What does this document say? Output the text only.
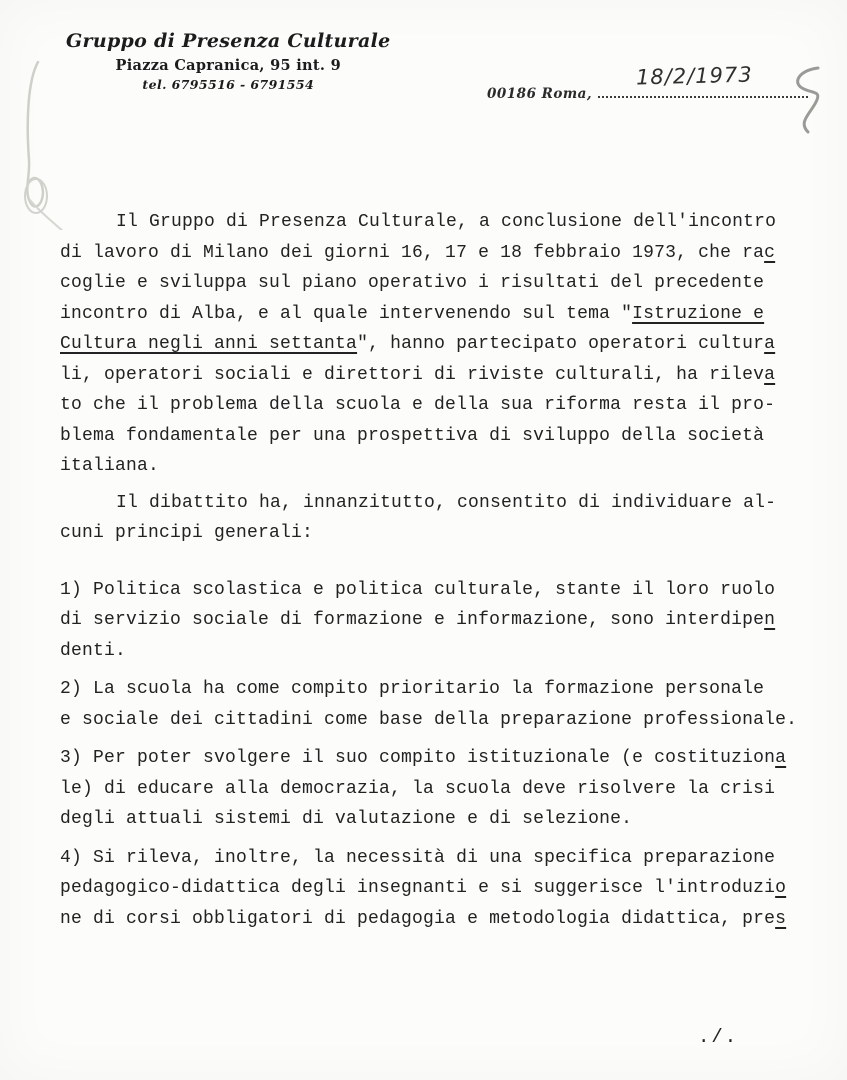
Gruppo di Presenza Culturale
Piazza Capranica, 95 int. 9
tel. 6795516 - 6791554
00186 Roma,
18/2/1973
Il Gruppo di Presenza Culturale, a conclusione dell'incontro
di lavoro di Milano dei giorni 16, 17 e 18 febbraio 1973, che rac
coglie e sviluppa sul piano operativo i risultati del precedente
incontro di Alba, e al quale intervenendo sul tema "Istruzione e
Cultura negli anni settanta", hanno partecipato operatori cultura
li, operatori sociali e direttori di riviste culturali, ha rileva
to che il problema della scuola e della sua riforma resta il pro-
blema fondamentale per una prospettiva di sviluppo della società
italiana.
Il dibattito ha, innanzitutto, consentito di individuare al-
cuni principi generali:
1) Politica scolastica e politica culturale, stante il loro ruolo
di servizio sociale di formazione e informazione, sono interdipen
denti.
2) La scuola ha come compito prioritario la formazione personale
e sociale dei cittadini come base della preparazione professionale.
3) Per poter svolgere il suo compito istituzionale (e costituziona
le) di educare alla democrazia, la scuola deve risolvere la crisi
degli attuali sistemi di valutazione e di selezione.
4) Si rileva, inoltre, la necessità di una specifica preparazione
pedagogico-didattica degli insegnanti e si suggerisce l'introduzio
ne di corsi obbligatori di pedagogia e metodologia didattica, pres
./.
